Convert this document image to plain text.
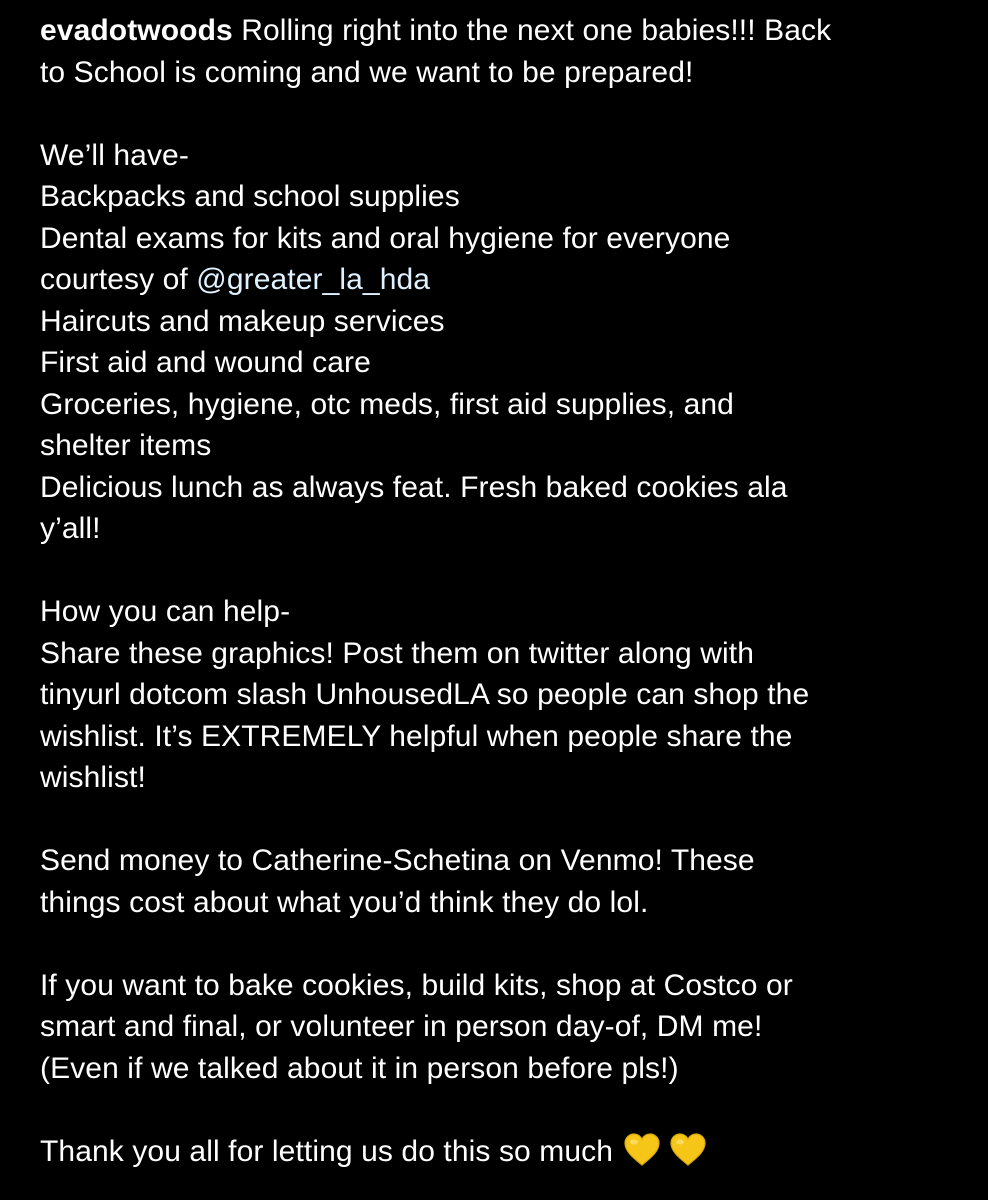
evadotwoods Rolling right into the next one babies!!! Back
to School is coming and we want to be prepared!
We’ll have-
Backpacks and school supplies
Dental exams for kits and oral hygiene for everyone
courtesy of @greater_la_hda
Haircuts and makeup services
First aid and wound care
Groceries, hygiene, otc meds, first aid supplies, and
shelter items
Delicious lunch as always feat. Fresh baked cookies ala
y’all!
How you can help-
Share these graphics! Post them on twitter along with
tinyurl dotcom slash UnhousedLA so people can shop the
wishlist. It’s EXTREMELY helpful when people share the
wishlist!
Send money to Catherine-Schetina on Venmo! These
things cost about what you’d think they do lol.
If you want to bake cookies, build kits, shop at Costco or
smart and final, or volunteer in person day-of, DM me!
(Even if we talked about it in person before pls!)
Thank you all for letting us do this so much
